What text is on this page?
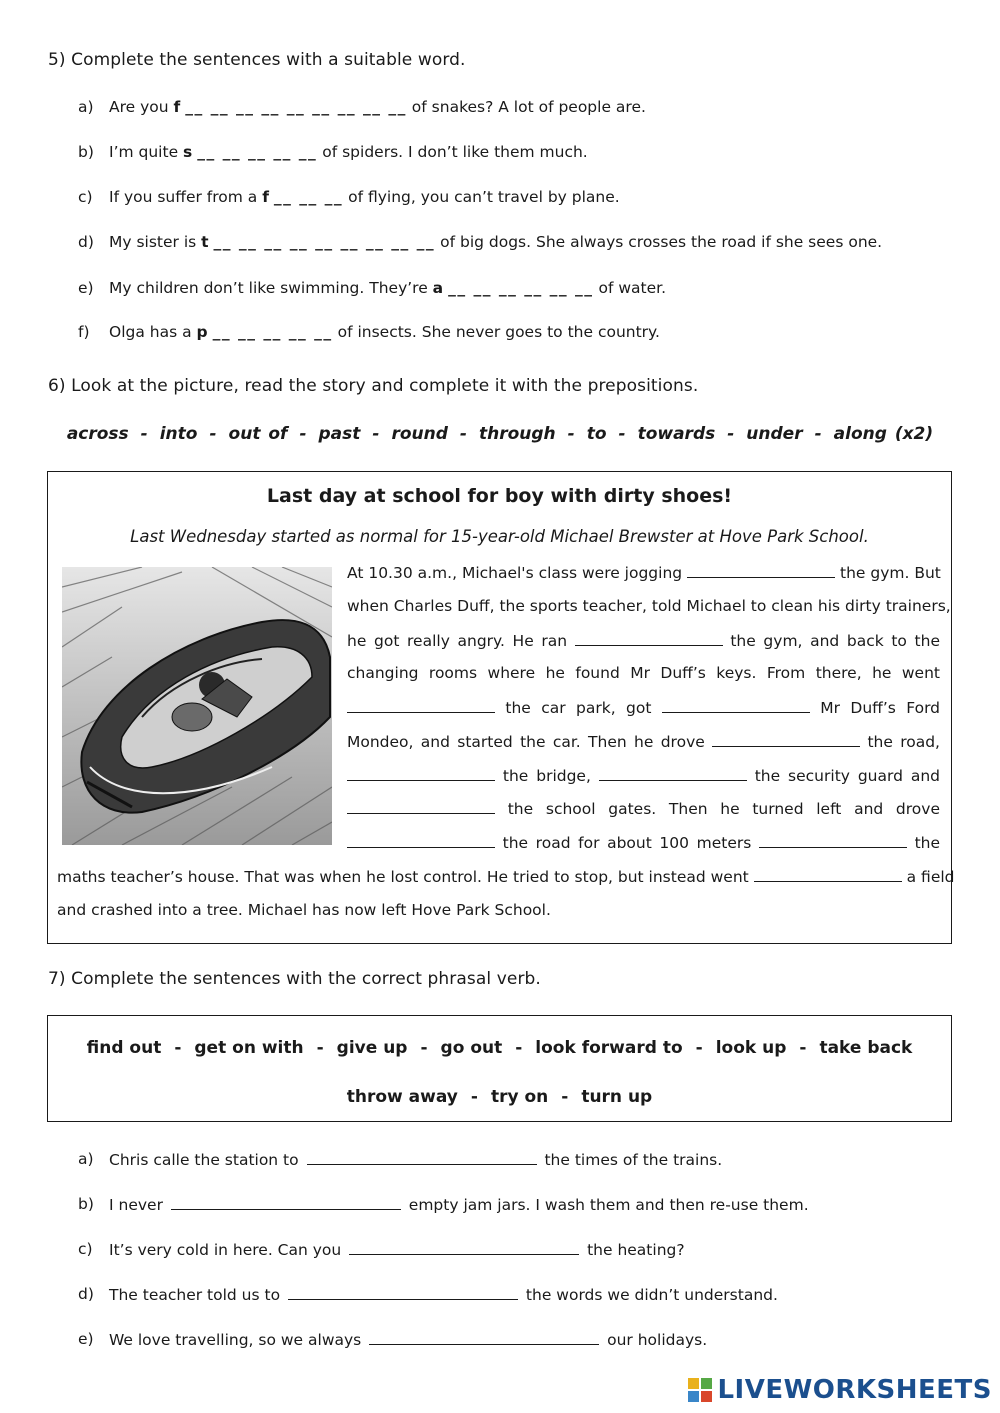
5) Complete the sentences with a suitable word.
a) Are you f __ __ __ __ __ __ __ __ __ of snakes? A lot of people are.
b) I’m quite s __ __ __ __ __ of spiders. I don’t like them much.
c) If you suffer from a f __ __ __ of flying, you can’t travel by plane.
d) My sister is t __ __ __ __ __ __ __ __ __ of big dogs. She always crosses the road if she sees one.
e) My children don’t like swimming. They’re a __ __ __ __ __ __ of water.
f) Olga has a p __ __ __ __ __ of insects. She never goes to the country.
6) Look at the picture, read the story and complete it with the prepositions.
across - into - out of - past - round - through - to - towards - under - along (x2)
Last day at school for boy with dirty shoes!
Last Wednesday started as normal for 15-year-old Michael Brewster at Hove Park School.
At 10.30 a.m., Michael's class were jogging	the gym. But
when Charles Duff, the sports teacher, told Michael to clean his dirty trainers,
he got really angry. He ran	the gym, and back to the
changing rooms where he found Mr Duff’s keys. From there, he went
the car park, got	Mr Duff’s Ford
Mondeo, and started the car. Then he drove	the road,
the bridge,	the security guard and
the school gates. Then he turned left and drove
the road for about 100 meters	the
maths teacher’s house. That was when he lost control. He tried to stop, but instead went	a field
and crashed into a tree. Michael has now left Hove Park School.
7) Complete the sentences with the correct phrasal verb.
find out - get on with - give up - go out - look forward to - look up - take back
throw away - try on - turn up
a) Chris calle the station to	the times of the trains.
b) I never	empty jam jars. I wash them and then re-use them.
c) It’s very cold in here. Can you	the heating?
d) The teacher told us to	the words we didn’t understand.
e) We love travelling, so we always	our holidays.
LIVEWORKSHEETS
